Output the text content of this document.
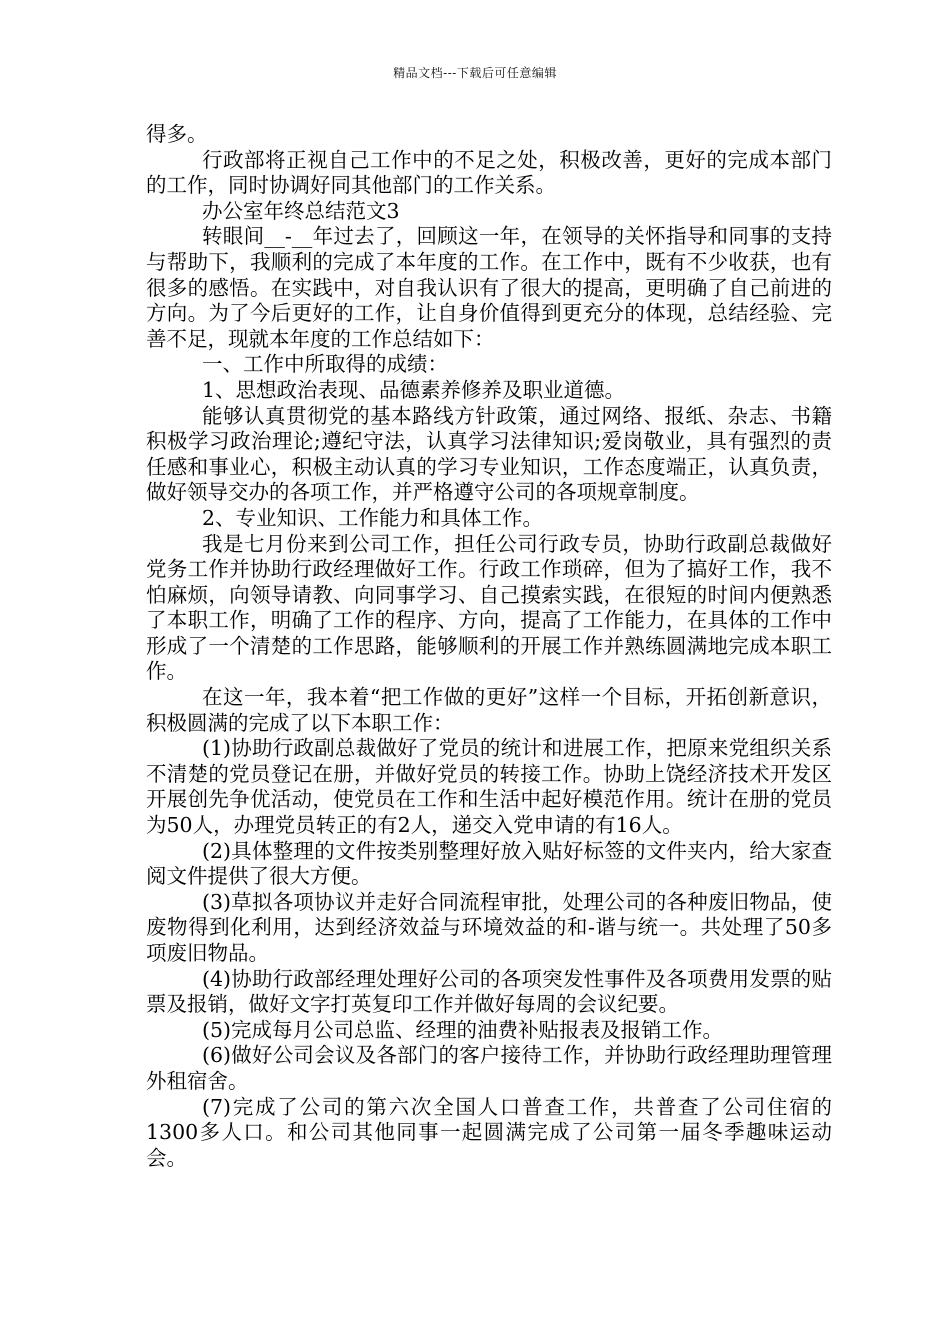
精品文档---下载后可任意编辑

得多。

行政部将正视自己工作中的不足之处，积极改善，更好的完成本部门的工作，同时协调好同其他部门的工作关系。

办公室年终总结范文3

转眼间__-__年过去了，回顾这一年，在领导的关怀指导和同事的支持与帮助下，我顺利的完成了本年度的工作。在工作中，既有不少收获，也有很多的感悟。在实践中，对自我认识有了很大的提高，更明确了自己前进的方向。为了今后更好的工作，让自身价值得到更充分的体现，总结经验、完善不足，现就本年度的工作总结如下：

一、工作中所取得的成绩：

1、思想政治表现、品德素养修养及职业道德。

能够认真贯彻党的基本路线方针政策，通过网络、报纸、杂志、书籍积极学习政治理论;遵纪守法，认真学习法律知识;爱岗敬业，具有强烈的责任感和事业心，积极主动认真的学习专业知识，工作态度端正，认真负责，做好领导交办的各项工作，并严格遵守公司的各项规章制度。

2、专业知识、工作能力和具体工作。

我是七月份来到公司工作，担任公司行政专员，协助行政副总裁做好党务工作并协助行政经理做好工作。行政工作琐碎，但为了搞好工作，我不怕麻烦，向领导请教、向同事学习、自己摸索实践，在很短的时间内便熟悉了本职工作，明确了工作的程序、方向，提高了工作能力，在具体的工作中形成了一个清楚的工作思路，能够顺利的开展工作并熟练圆满地完成本职工作。

在这一年，我本着“把工作做的更好”这样一个目标，开拓创新意识，积极圆满的完成了以下本职工作：

(1)协助行政副总裁做好了党员的统计和进展工作，把原来党组织关系不清楚的党员登记在册，并做好党员的转接工作。协助上饶经济技术开发区开展创先争优活动，使党员在工作和生活中起好模范作用。统计在册的党员为50人，办理党员转正的有2人，递交入党申请的有16人。

(2)具体整理的文件按类别整理好放入贴好标签的文件夹内，给大家查阅文件提供了很大方便。

(3)草拟各项协议并走好合同流程审批，处理公司的各种废旧物品，使废物得到化利用，达到经济效益与环境效益的和-谐与统一。共处理了50多项废旧物品。

(4)协助行政部经理处理好公司的各项突发性事件及各项费用发票的贴票及报销，做好文字打英复印工作并做好每周的会议纪要。

(5)完成每月公司总监、经理的油费补贴报表及报销工作。

(6)做好公司会议及各部门的客户接待工作，并协助行政经理助理管理外租宿舍。

(7)完成了公司的第六次全国人口普查工作，共普查了公司住宿的1300多人口。和公司其他同事一起圆满完成了公司第一届冬季趣味运动会。
